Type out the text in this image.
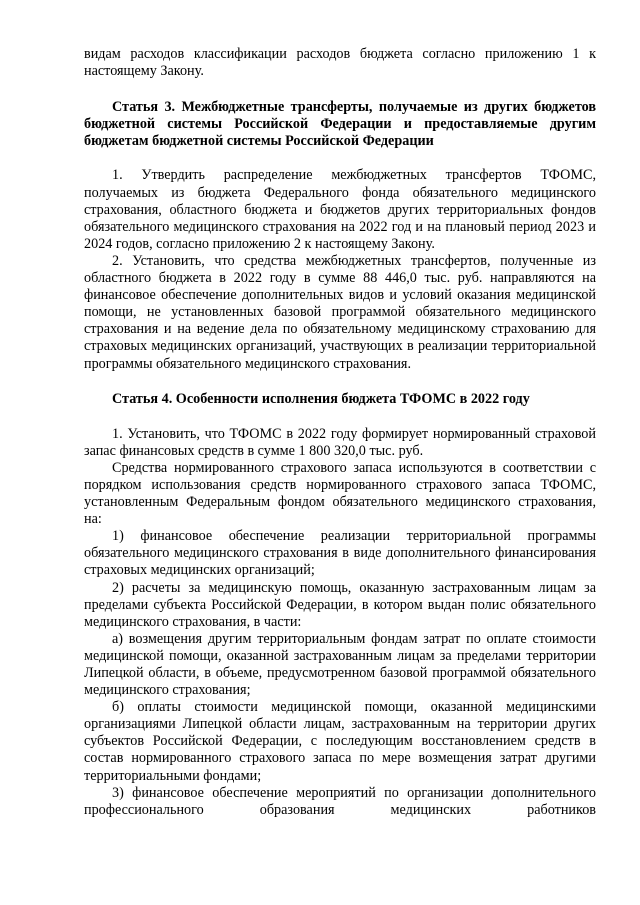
видам расходов классификации расходов бюджета согласно приложению 1 к настоящему Закону.

Статья 3. Межбюджетные трансферты, получаемые из других бюджетов бюджетной системы Российской Федерации и предоставляемые другим бюджетам бюджетной системы Российской Федерации

1. Утвердить распределение межбюджетных трансфертов ТФОМС, получаемых из бюджета Федерального фонда обязательного медицинского страхования, областного бюджета и бюджетов других территориальных фондов обязательного медицинского страхования на 2022 год и на плановый период 2023 и 2024 годов, согласно приложению 2 к настоящему Закону.

2. Установить, что средства межбюджетных трансфертов, полученные из областного бюджета в 2022 году в сумме 88 446,0 тыс. руб. направляются на финансовое обеспечение дополнительных видов и условий оказания медицинской помощи, не установленных базовой программой обязательного медицинского страхования и на ведение дела по обязательному медицинскому страхованию для страховых медицинских организаций, участвующих в реализации территориальной программы обязательного медицинского страхования.

Статья 4. Особенности исполнения бюджета ТФОМС в 2022 году

1. Установить, что ТФОМС в 2022 году формирует нормированный страховой запас финансовых средств в сумме 1 800 320,0 тыс. руб.

Средства нормированного страхового запаса используются в соответствии с порядком использования средств нормированного страхового запаса ТФОМС, установленным Федеральным фондом обязательного медицинского страхования, на:

1) финансовое обеспечение реализации территориальной программы обязательного медицинского страхования в виде дополнительного финансирования страховых медицинских организаций;

2) расчеты за медицинскую помощь, оказанную застрахованным лицам за пределами субъекта Российской Федерации, в котором выдан полис обязательного медицинского страхования, в части:

а) возмещения другим территориальным фондам затрат по оплате стоимости медицинской помощи, оказанной застрахованным лицам за пределами территории Липецкой области, в объеме, предусмотренном базовой программой обязательного медицинского страхования;

б) оплаты стоимости медицинской помощи, оказанной медицинскими организациями Липецкой области лицам, застрахованным на территории других субъектов Российской Федерации, с последующим восстановлением средств в состав нормированного страхового запаса по мере возмещения затрат другими территориальными фондами;

3) финансовое обеспечение мероприятий по организации дополнительного профессионального образования медицинских работников
